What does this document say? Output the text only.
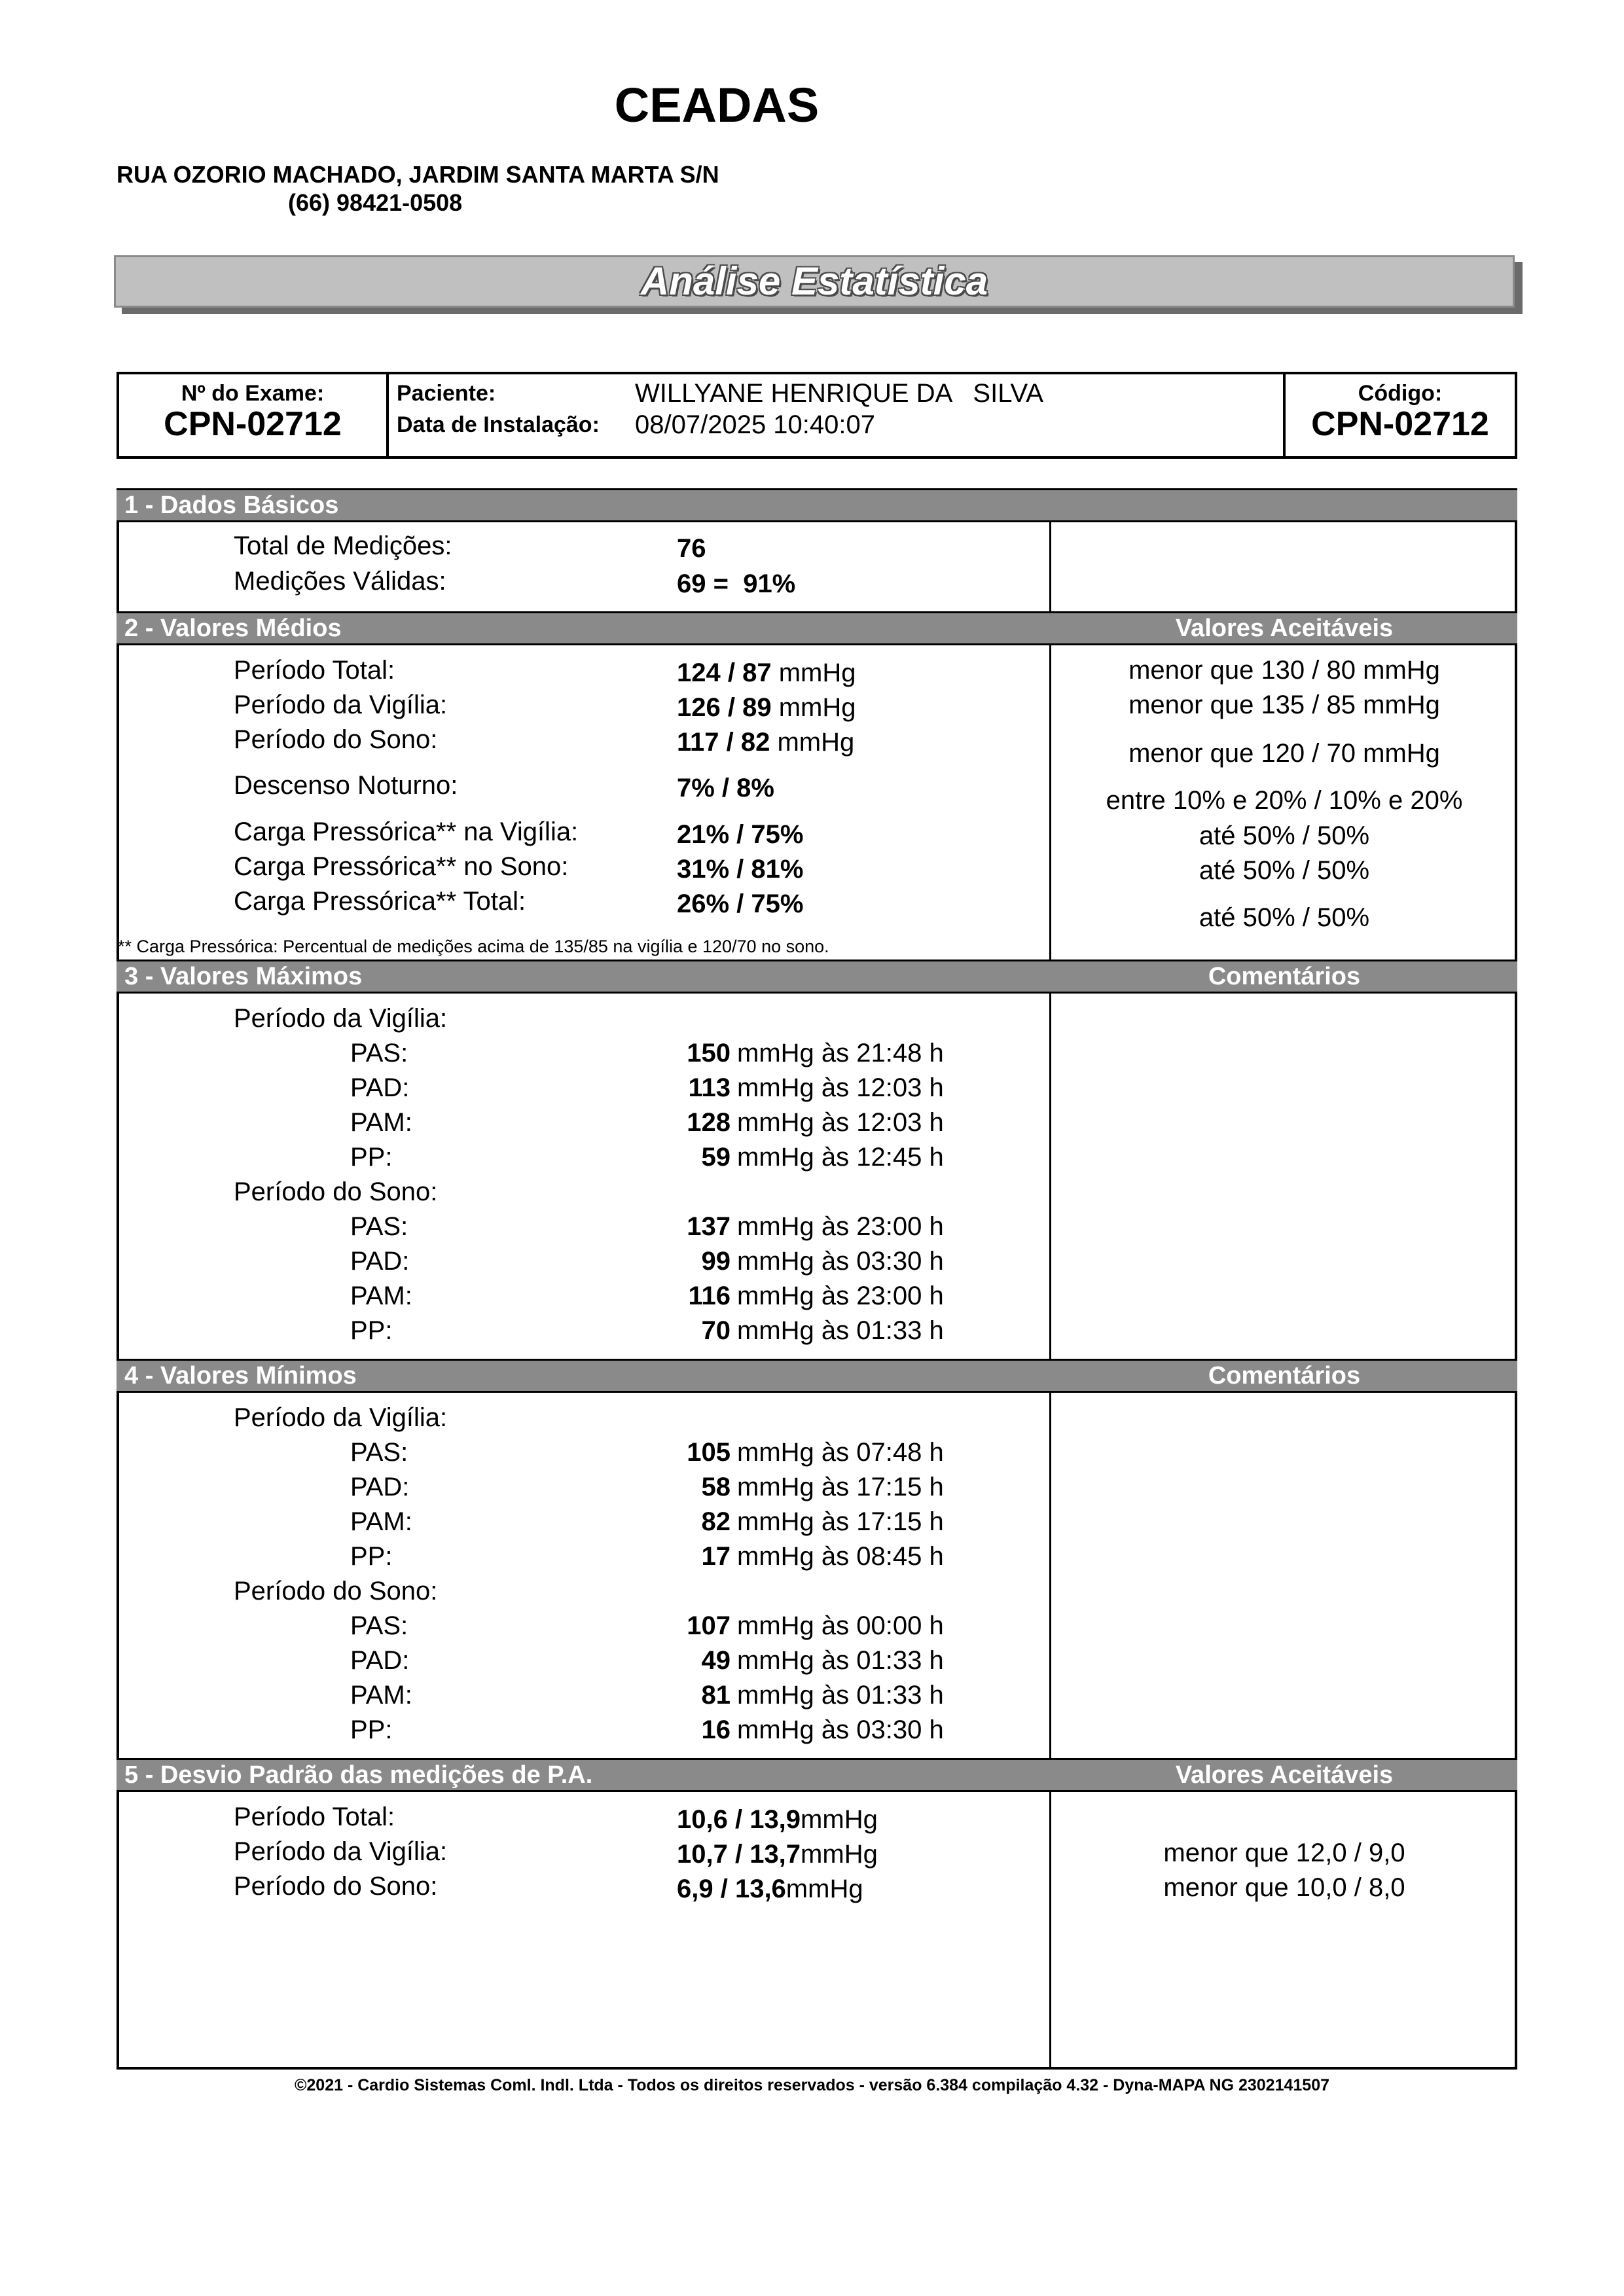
CEADAS
RUA OZORIO MACHADO, JARDIM SANTA MARTA S/N
(66) 98421-0508
Análise Estatística
Nº do Exame:
CPN-02712
Paciente:	WILLYANE HENRIQUE DA   SILVA
Data de Instalação: 08/07/2025 10:40:07
Código:
CPN-02712
1 - Dados Básicos
Total de Medições:	76
Medições Válidas:	69 =  91%
2 - Valores Médios	Valores Aceitáveis
Período Total:	124 / 87 mmHg	menor que 130 / 80 mmHg
Período da Vigília:	126 / 89 mmHg	menor que 135 / 85 mmHg
Período do Sono:	117 / 82 mmHg	menor que 120 / 70 mmHg
Descenso Noturno:	7% / 8%	entre 10% e 20% / 10% e 20%
Carga Pressórica** na Vigília:	21% / 75%	até 50% / 50%
Carga Pressórica** no Sono:	31% / 81%	até 50% / 50%
Carga Pressórica** Total:	26% / 75%	até 50% / 50%
** Carga Pressórica: Percentual de medições acima de 135/85 na vigília e 120/70 no sono.
3 - Valores Máximos	Comentários
Período da Vigília:
PAS:	150 mmHg às 21:48 h
PAD:	113 mmHg às 12:03 h
PAM:	128 mmHg às 12:03 h
PP:	59 mmHg às 12:45 h
Período do Sono:
PAS:	137 mmHg às 23:00 h
PAD:	99 mmHg às 03:30 h
PAM:	116 mmHg às 23:00 h
PP:	70 mmHg às 01:33 h
4 - Valores Mínimos	Comentários
Período da Vigília:
PAS:	105 mmHg às 07:48 h
PAD:	58 mmHg às 17:15 h
PAM:	82 mmHg às 17:15 h
PP:	17 mmHg às 08:45 h
Período do Sono:
PAS:	107 mmHg às 00:00 h
PAD:	49 mmHg às 01:33 h
PAM:	81 mmHg às 01:33 h
PP:	16 mmHg às 03:30 h
5 - Desvio Padrão das medições de P.A.	Valores Aceitáveis
Período Total:	10,6 / 13,9mmHg
Período da Vigília:	10,7 / 13,7mmHg	menor que 12,0 / 9,0
Período do Sono:	6,9 / 13,6mmHg	menor que 10,0 / 8,0
©2021 - Cardio Sistemas Coml. Indl. Ltda - Todos os direitos reservados - versão 6.384 compilação 4.32 - Dyna-MAPA NG 2302141507
